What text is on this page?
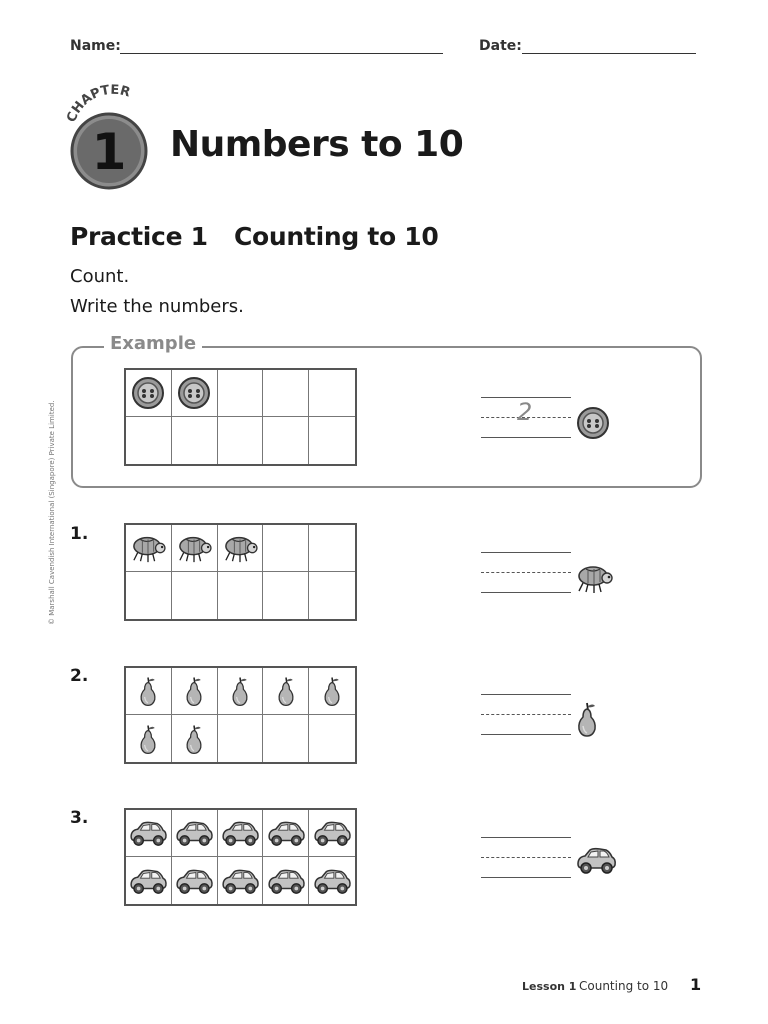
Name:	Date:
CHAPTER
1 Numbers to 10
Practice 1 Counting to 10
Count.
Write the numbers.
© Marshall Cavendish International (Singapore) Private Limited.
Example
2
1.
2.
3.
Lesson 1 Counting to 10 1
